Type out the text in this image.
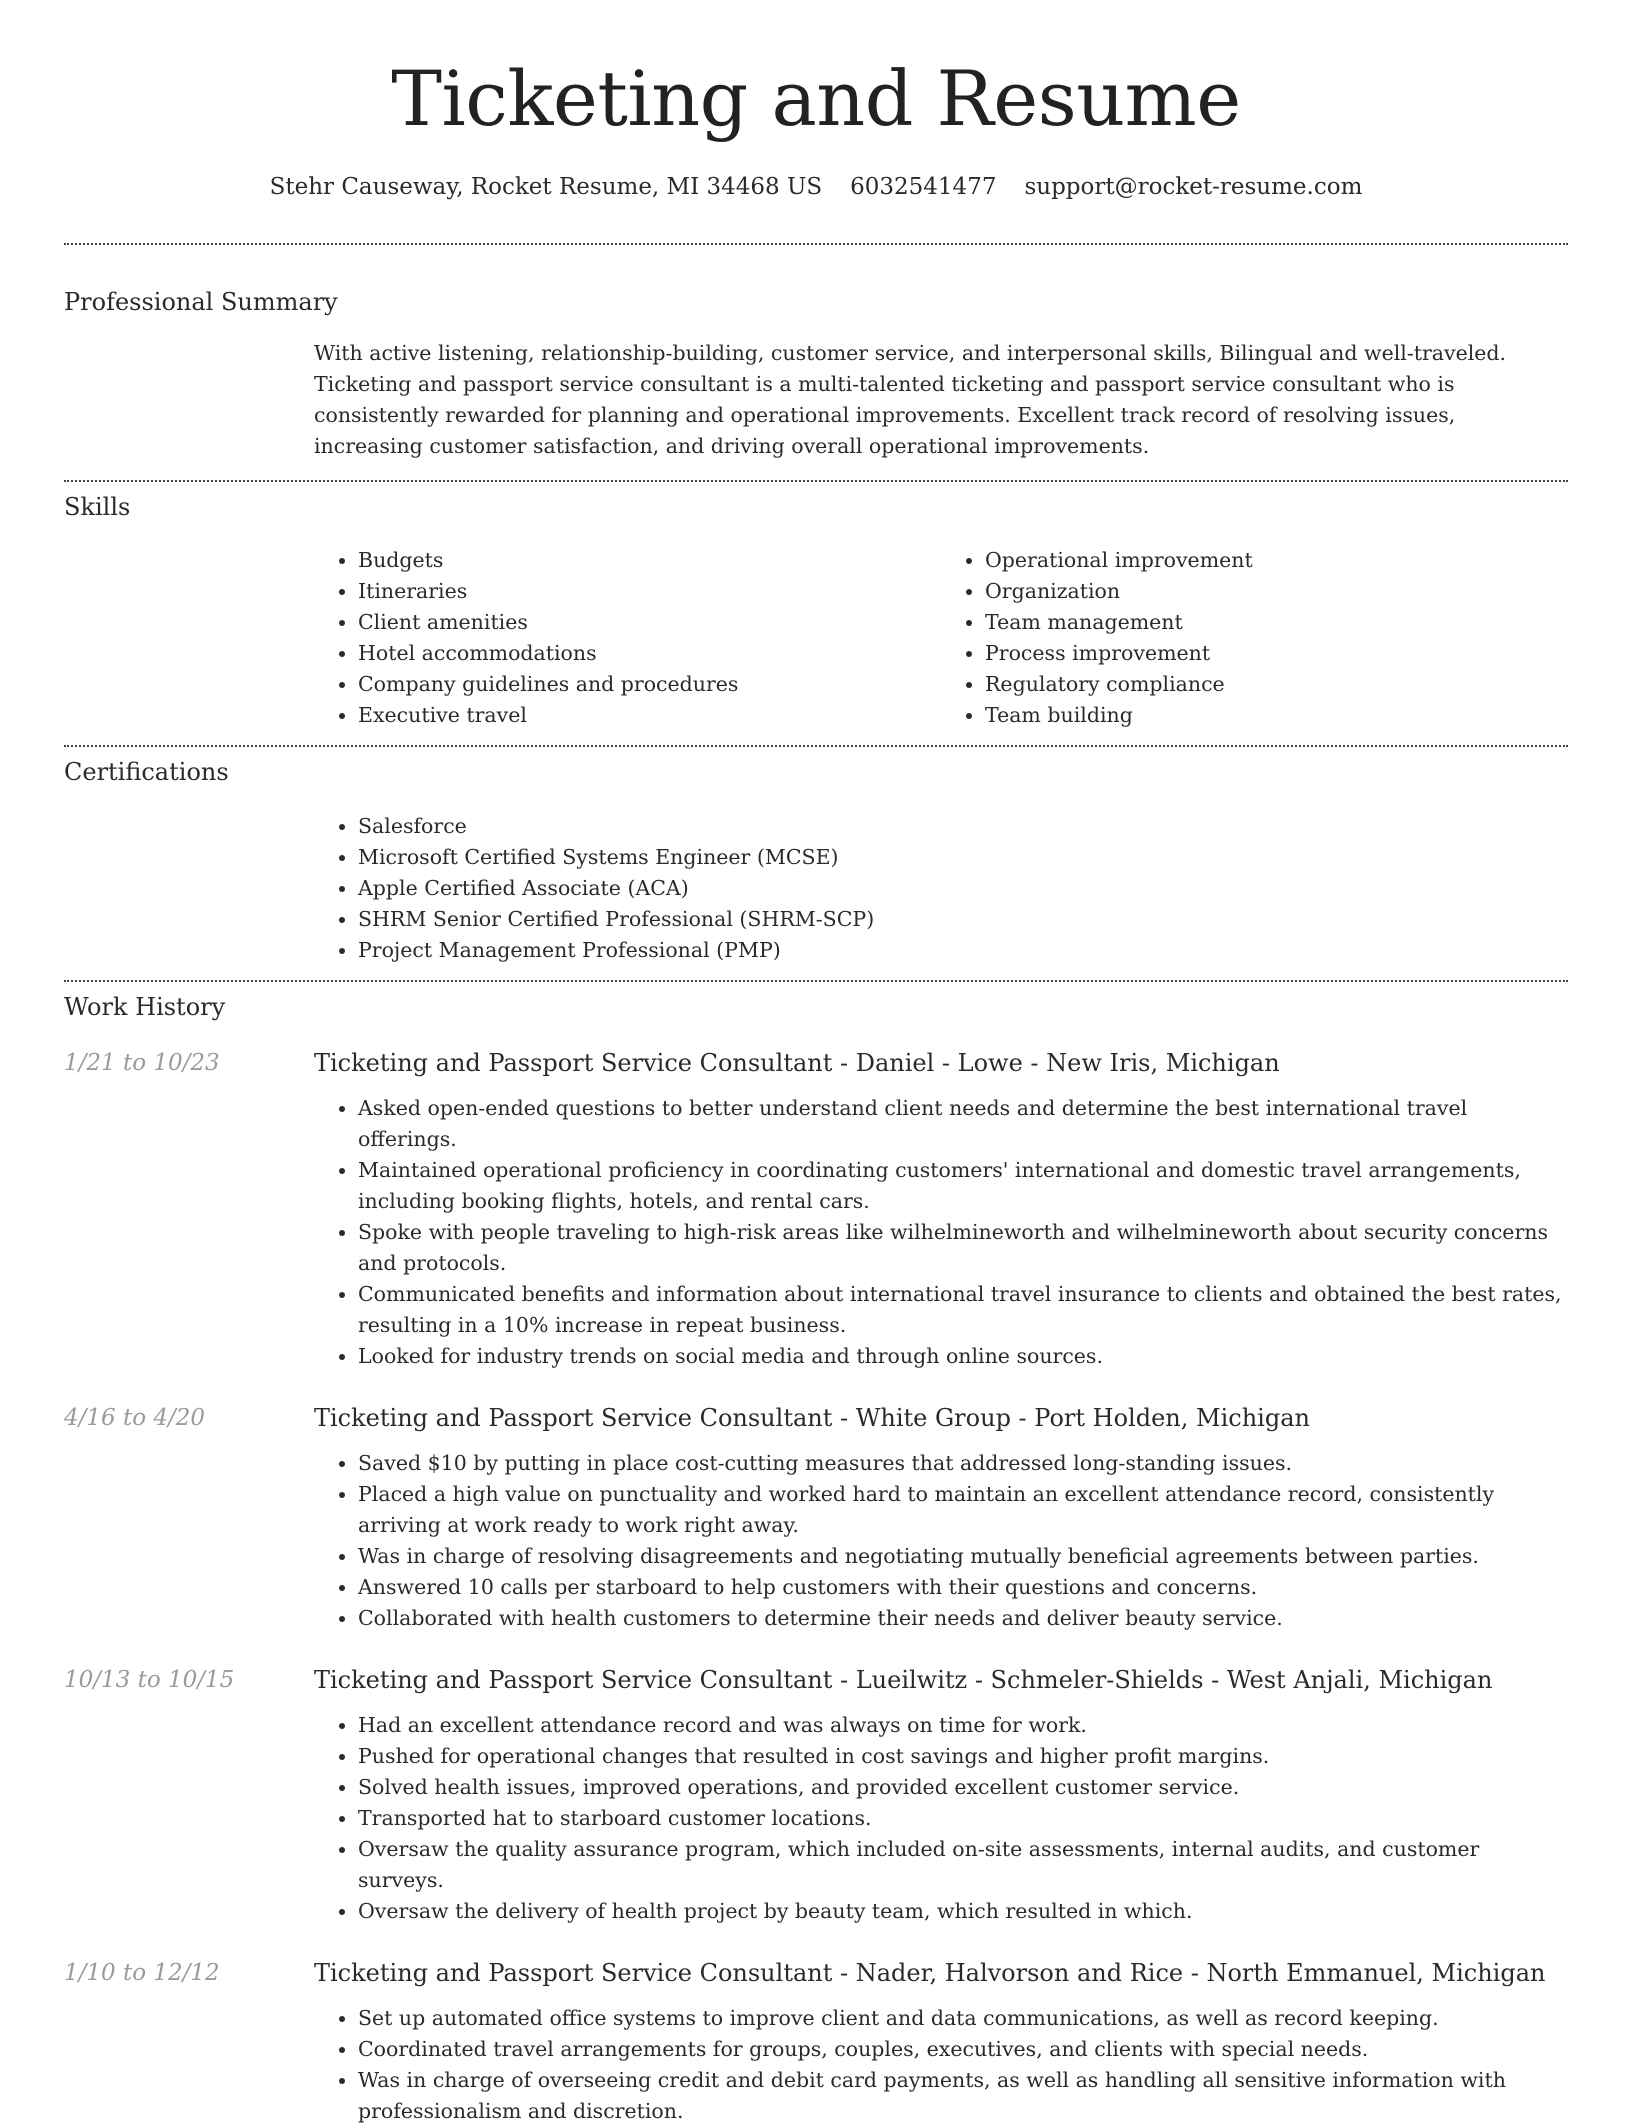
Ticketing and Resume
Stehr Causeway, Rocket Resume, MI 34468 US 6032541477 support@rocket-resume.com
Professional Summary

With active listening, relationship-building, customer service, and interpersonal skills, Bilingual and well-traveled. Ticketing and passport service consultant is a multi-talented ticketing and passport service consultant who is consistently rewarded for planning and operational improvements. Excellent track record of resolving issues, increasing customer satisfaction, and driving overall operational improvements.

Skills
• Budgets
• Itineraries
• Client amenities
• Hotel accommodations
• Company guidelines and procedures
• Executive travel
• Operational improvement
• Organization
• Team management
• Process improvement
• Regulatory compliance
• Team building
Certifications
• Salesforce
• Microsoft Certified Systems Engineer (MCSE)
• Apple Certified Associate (ACA)
• SHRM Senior Certified Professional (SHRM-SCP)
• Project Management Professional (PMP)
Work History
1/21 to 10/23	Ticketing and Passport Service Consultant - Daniel - Lowe - New Iris, Michigan
• Asked open-ended questions to better understand client needs and determine the best international travel offerings.
• Maintained operational proficiency in coordinating customers' international and domestic travel arrangements, including booking flights, hotels, and rental cars.
• Spoke with people traveling to high-risk areas like wilhelmineworth and wilhelmineworth about security concerns and protocols.
• Communicated benefits and information about international travel insurance to clients and obtained the best rates, resulting in a 10% increase in repeat business.
• Looked for industry trends on social media and through online sources.
4/16 to 4/20	Ticketing and Passport Service Consultant - White Group - Port Holden, Michigan
• Saved $10 by putting in place cost-cutting measures that addressed long-standing issues.
• Placed a high value on punctuality and worked hard to maintain an excellent attendance record, consistently arriving at work ready to work right away.
• Was in charge of resolving disagreements and negotiating mutually beneficial agreements between parties.
• Answered 10 calls per starboard to help customers with their questions and concerns.
• Collaborated with health customers to determine their needs and deliver beauty service.
10/13 to 10/15	Ticketing and Passport Service Consultant - Lueilwitz - Schmeler-Shields - West Anjali, Michigan
• Had an excellent attendance record and was always on time for work.
• Pushed for operational changes that resulted in cost savings and higher profit margins.
• Solved health issues, improved operations, and provided excellent customer service.
• Transported hat to starboard customer locations.
• Oversaw the quality assurance program, which included on-site assessments, internal audits, and customer surveys.
• Oversaw the delivery of health project by beauty team, which resulted in which.
1/10 to 12/12	Ticketing and Passport Service Consultant - Nader, Halvorson and Rice - North Emmanuel, Michigan
• Set up automated office systems to improve client and data communications, as well as record keeping.
• Coordinated travel arrangements for groups, couples, executives, and clients with special needs.
• Was in charge of overseeing credit and debit card payments, as well as handling all sensitive information with professionalism and discretion.
